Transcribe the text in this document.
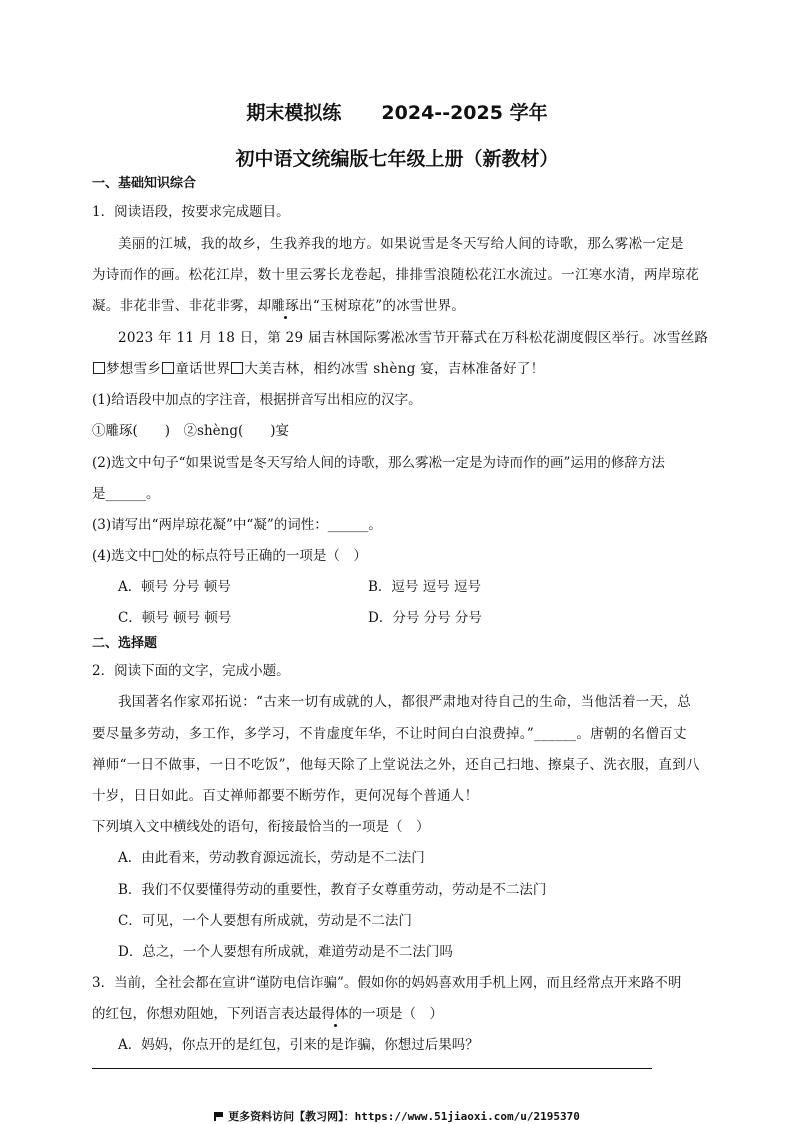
期末模拟练 2024--2025 学年
初中语文统编版七年级上册（新教材）
一、基础知识综合
1．阅读语段，按要求完成题目。
美丽的江城，我的故乡，生我养我的地方。如果说雪是冬天写给人间的诗歌，那么雾凇一定是
为诗而作的画。松花江岸，数十里云雾长龙卷起，排排雪浪随松花江水流过。一江寒水清，两岸琼花
凝。非花非雪、非花非雾，却雕琢出“玉树琼花”的冰雪世界。
2023 年 11 月 18 日，第 29 届吉林国际雾凇冰雪节开幕式在万科松花湖度假区举行。冰雪丝路
梦想雪乡 童话世界 大美吉林，相约冰雪 shèng 宴，吉林准备好了！
(1)给语段中加点的字注音，根据拼音写出相应的汉字。
①雕琢(　　)　②shèng(　　)宴
(2)选文中句子“如果说雪是冬天写给人间的诗歌，那么雾凇一定是为诗而作的画”运用的修辞方法
是______。
(3)请写出“两岸琼花凝”中“凝”的词性：______。
(4)选文中□处的标点符号正确的一项是（　）
A．顿号 分号 顿号	B．逗号 逗号 逗号
C．顿号 顿号 顿号	D．分号 分号 分号
二、选择题
2．阅读下面的文字，完成小题。
我国著名作家邓拓说：“古来一切有成就的人，都很严肃地对待自己的生命，当他活着一天，总
要尽量多劳动，多工作，多学习，不肯虚度年华，不让时间白白浪费掉。”______。唐朝的名僧百丈
禅师“一日不做事，一日不吃饭”，他每天除了上堂说法之外，还自己扫地、擦桌子、洗衣服，直到八
十岁，日日如此。百丈禅师都要不断劳作，更何况每个普通人！
下列填入文中横线处的语句，衔接最恰当的一项是（　）
A．由此看来，劳动教育源远流长，劳动是不二法门
B．我们不仅要懂得劳动的重要性，教育子女尊重劳动，劳动是不二法门
C．可见，一个人要想有所成就，劳动是不二法门
D．总之，一个人要想有所成就，难道劳动是不二法门吗
3．当前，全社会都在宣讲“谨防电信诈骗”。假如你的妈妈喜欢用手机上网，而且经常点开来路不明
的红包，你想劝阻她，下列语言表达最得体的一项是（　）
A．妈妈，你点开的是红包，引来的是诈骗，你想过后果吗？
更多资料访问【教习网】：https://www.51jiaoxi.com/u/2195370
